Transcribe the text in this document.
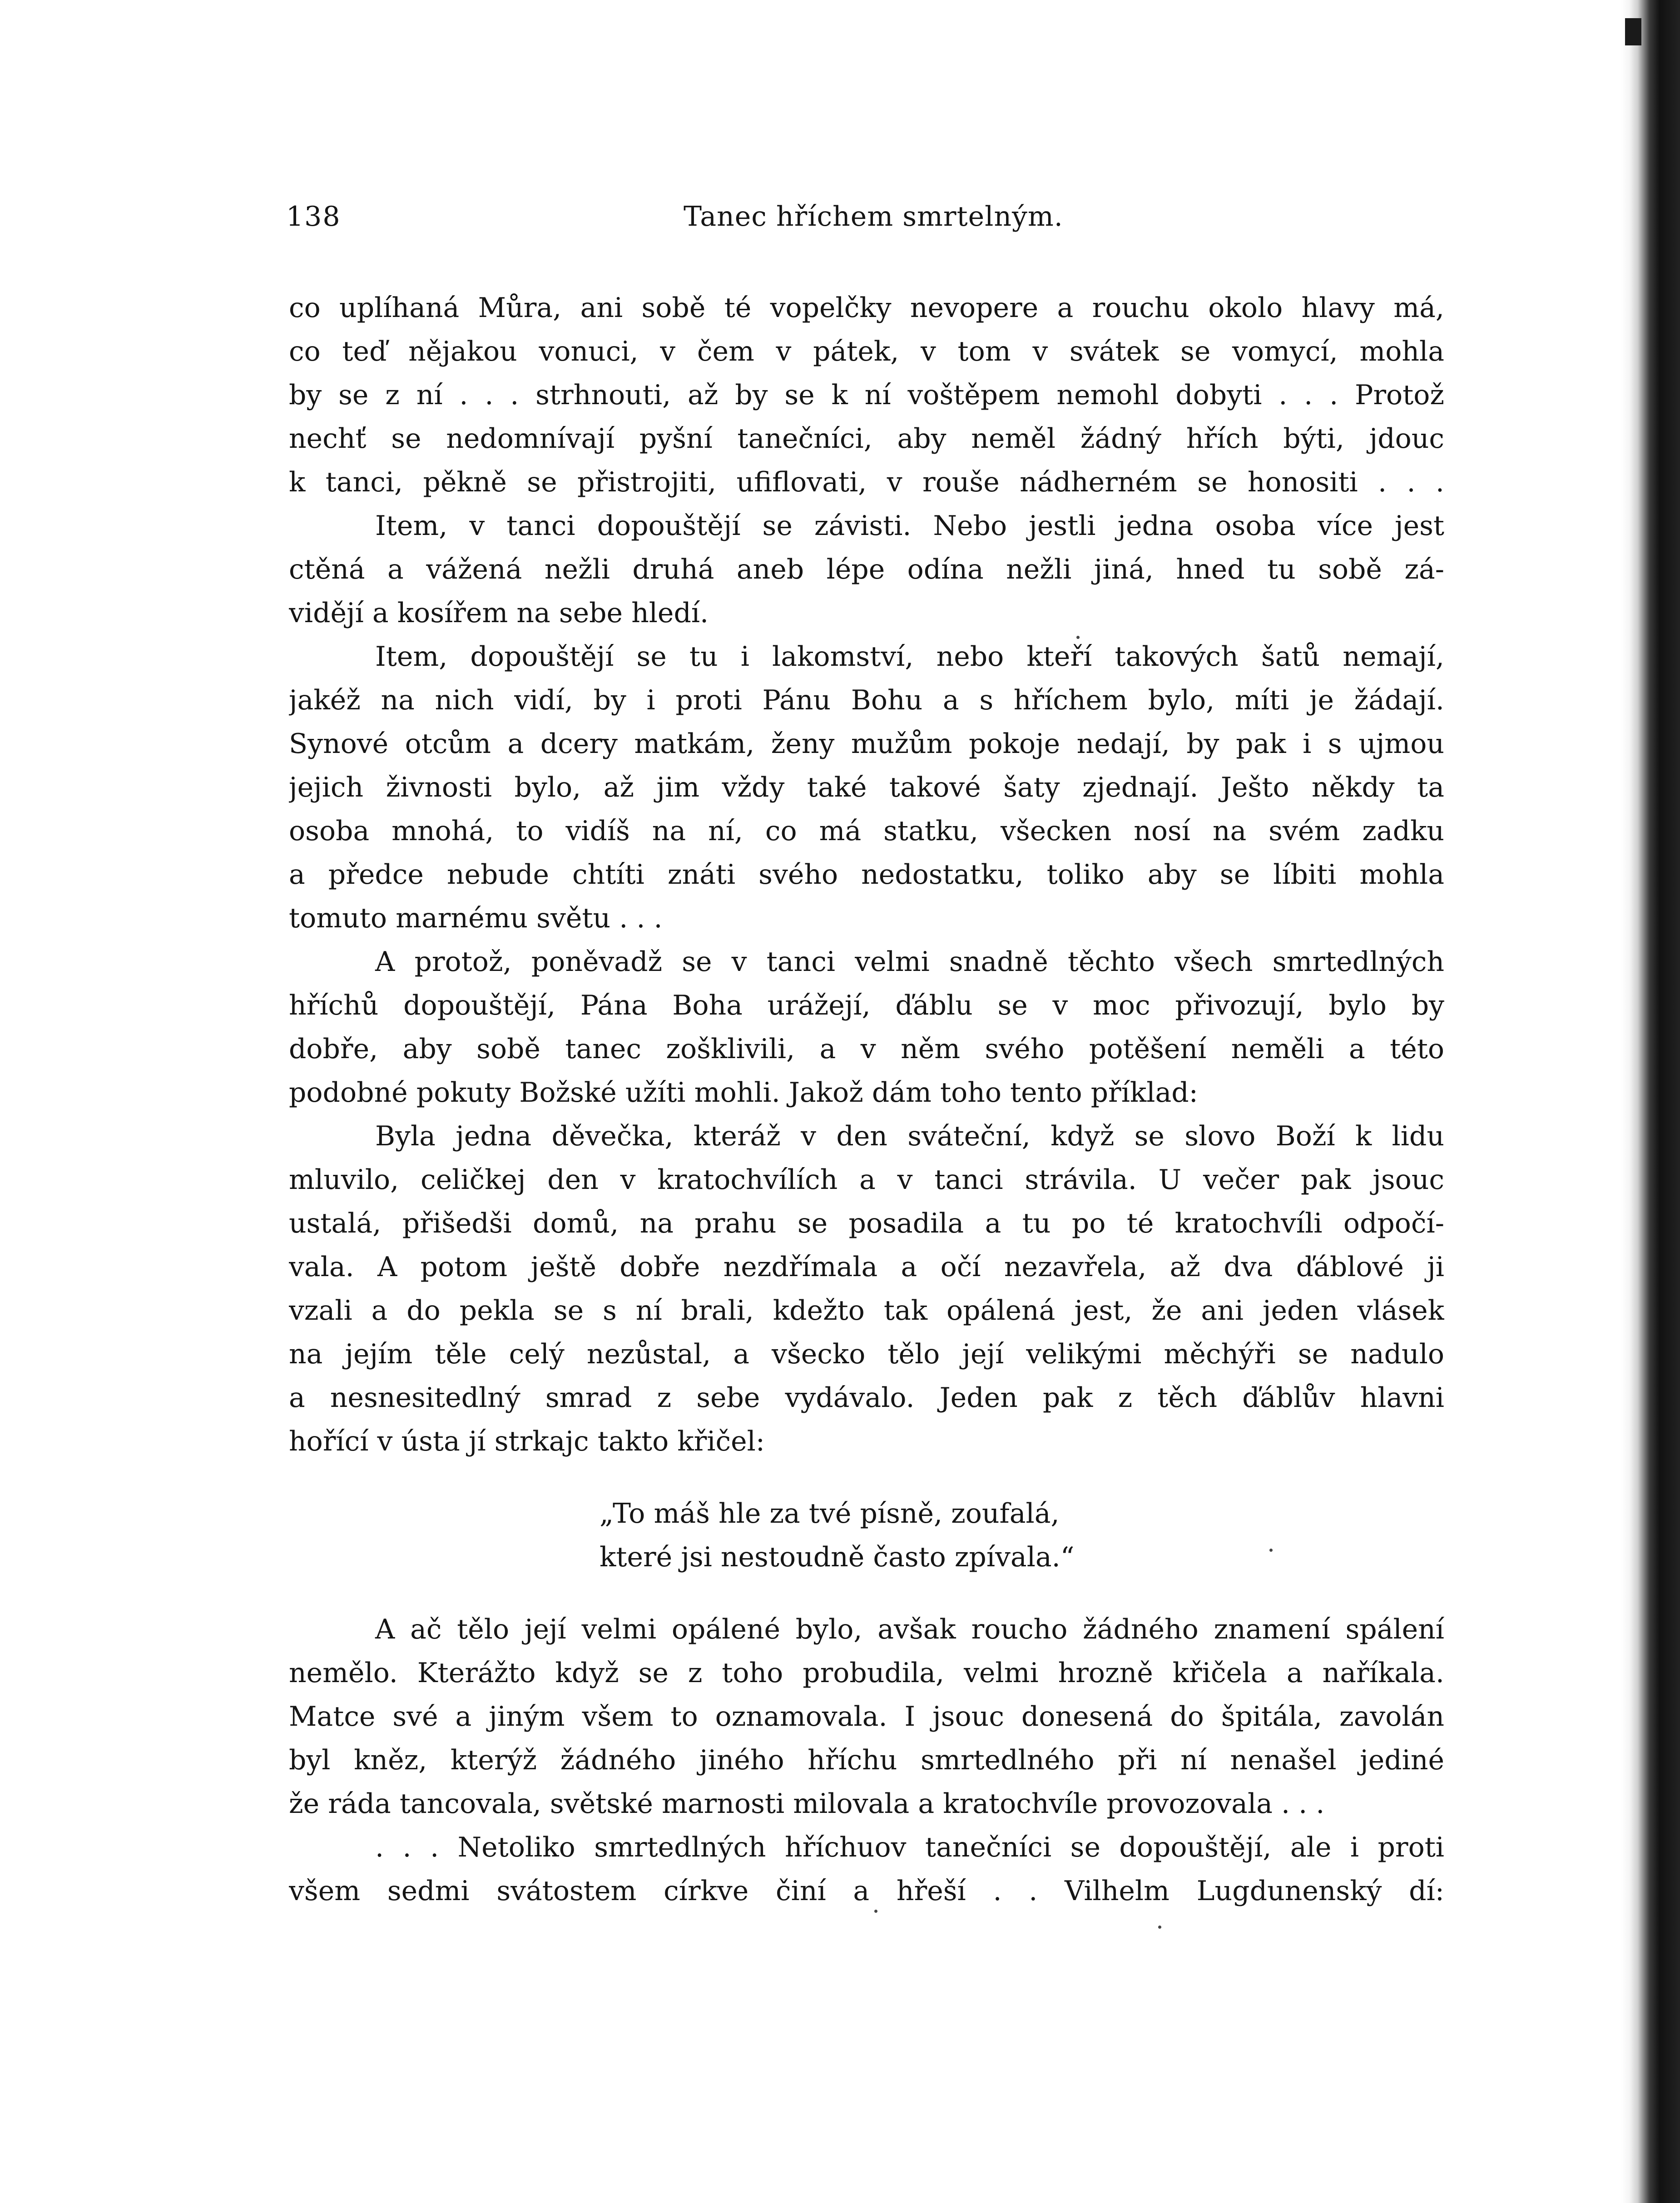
138	Tanec hříchem smrtelným.
co uplíhaná Můra, ani sobě té vopelčky nevopere a rouchu okolo hlavy má,
co teď nějakou vonuci, v čem v pátek, v tom v svátek se vomycí, mohla
by se z ní . . . strhnouti, až by se k ní voštěpem nemohl dobyti . . . Protož
nechť se nedomnívají pyšní tanečníci, aby neměl žádný hřích býti, jdouc
k tanci, pěkně se přistrojiti, ufiflovati, v rouše nádherném se honositi . . .
Item, v tanci dopouštějí se závisti. Nebo jestli jedna osoba více jest
ctěná a vážená nežli druhá aneb lépe odína nežli jiná, hned tu sobě zá-
vidějí a kosířem na sebe hledí.
Item, dopouštějí se tu i lakomství, nebo kteří takových šatů nemají,
jakéž na nich vidí, by i proti Pánu Bohu a s hříchem bylo, míti je žádají.
Synové otcům a dcery matkám, ženy mužům pokoje nedají, by pak i s ujmou
jejich živnosti bylo, až jim vždy také takové šaty zjednají. Ješto někdy ta
osoba mnohá, to vidíš na ní, co má statku, všecken nosí na svém zadku
a předce nebude chtíti znáti svého nedostatku, toliko aby se líbiti mohla
tomuto marnému světu . . .
A protož, poněvadž se v tanci velmi snadně těchto všech smrtedlných
hříchů dopouštějí, Pána Boha urážejí, ďáblu se v moc přivozují, bylo by
dobře, aby sobě tanec zošklivili, a v něm svého potěšení neměli a této
podobné pokuty Božské užíti mohli. Jakož dám toho tento příklad:
Byla jedna děvečka, kteráž v den sváteční, když se slovo Boží k lidu
mluvilo, celičkej den v kratochvílích a v tanci strávila. U večer pak jsouc
ustalá, přišedši domů, na prahu se posadila a tu po té kratochvíli odpočí-
vala. A potom ještě dobře nezdřímala a očí nezavřela, až dva ďáblové ji
vzali a do pekla se s ní brali, kdežto tak opálená jest, že ani jeden vlásek
na jejím těle celý nezůstal, a všecko tělo její velikými měchýři se nadulo
a nesnesitedlný smrad z sebe vydávalo. Jeden pak z těch ďáblův hlavni
hořící v ústa jí strkajc takto křičel:
„To máš hle za tvé písně, zoufalá,
které jsi nestoudně často zpívala.“
A ač tělo její velmi opálené bylo, avšak roucho žádného znamení spálení
nemělo. Kterážto když se z toho probudila, velmi hrozně křičela a naříkala.
Matce své a jiným všem to oznamovala. I jsouc donesená do špitála, zavolán
byl kněz, kterýž žádného jiného hříchu smrtedlného při ní nenašel jediné
že ráda tancovala, světské marnosti milovala a kratochvíle provozovala . . .
. . . Netoliko smrtedlných hříchuov tanečníci se dopouštějí, ale i proti
všem sedmi svátostem církve činí a hřeší . . Vilhelm Lugdunenský dí:
